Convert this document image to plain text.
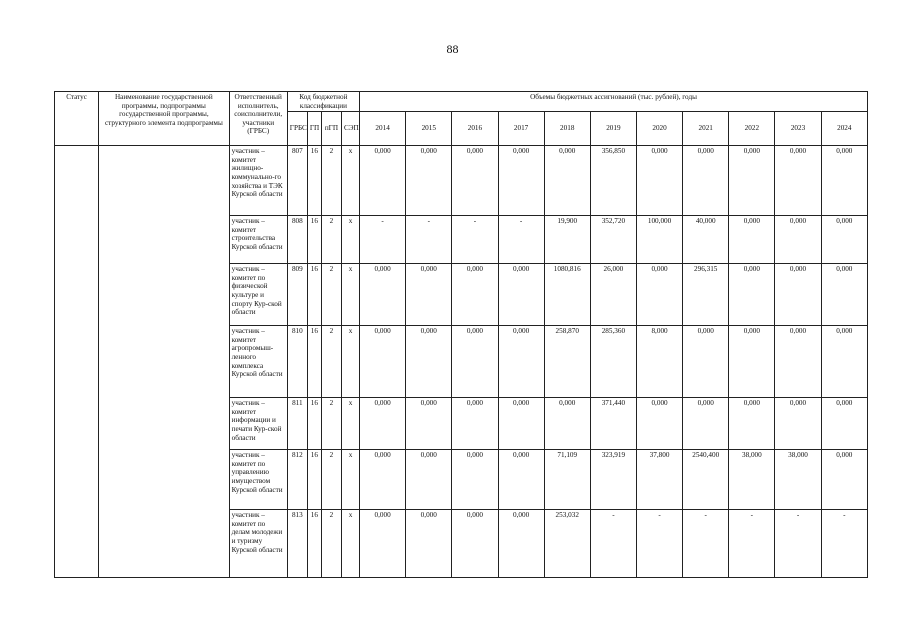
88
Статус	Наименование государственной программы, подпрограммы государственной программы, структурного элемента подпрограммы	Ответственный исполнитель, соисполнители, участники (ГРБС)	Код бюджетной классификации				Объемы бюджетных ассигнований (тыс. рублей), годы										
			ГРБС	ГП	пГП	СЭП	2014	2015	2016	2017	2018	2019	2020	2021	2022	2023	2024
		участник – комитет жилищно-коммунально-го хозяйства и ТЭК Курской области	807	16	2	х	0,000	0,000	0,000	0,000	0,000	356,850	0,000	0,000	0,000	0,000	0,000
		участник – комитет строительства Курской области	808	16	2	х	-	-	-	-	19,900	352,720	100,000	40,000	0,000	0,000	0,000
		участник – комитет по физической культуре и спорту Кур-ской области	809	16	2	х	0,000	0,000	0,000	0,000	1080,816	26,000	0,000	296,315	0,000	0,000	0,000
		участник – комитет агропромыш-ленного комплекса Курской области	810	16	2	х	0,000	0,000	0,000	0,000	258,870	285,360	8,000	0,000	0,000	0,000	0,000
		участник – комитет информации и печати Кур-ской области	811	16	2	х	0,000	0,000	0,000	0,000	0,000	371,440	0,000	0,000	0,000	0,000	0,000
		участник – комитет по управлению имуществом Курской области	812	16	2	х	0,000	0,000	0,000	0,000	71,109	323,919	37,800	2540,400	38,000	38,000	0,000
		участник – комитет по делам молодежи и туризму Курской области	813	16	2	х	0,000	0,000	0,000	0,000	253,032	-	-	-	-	-	-
